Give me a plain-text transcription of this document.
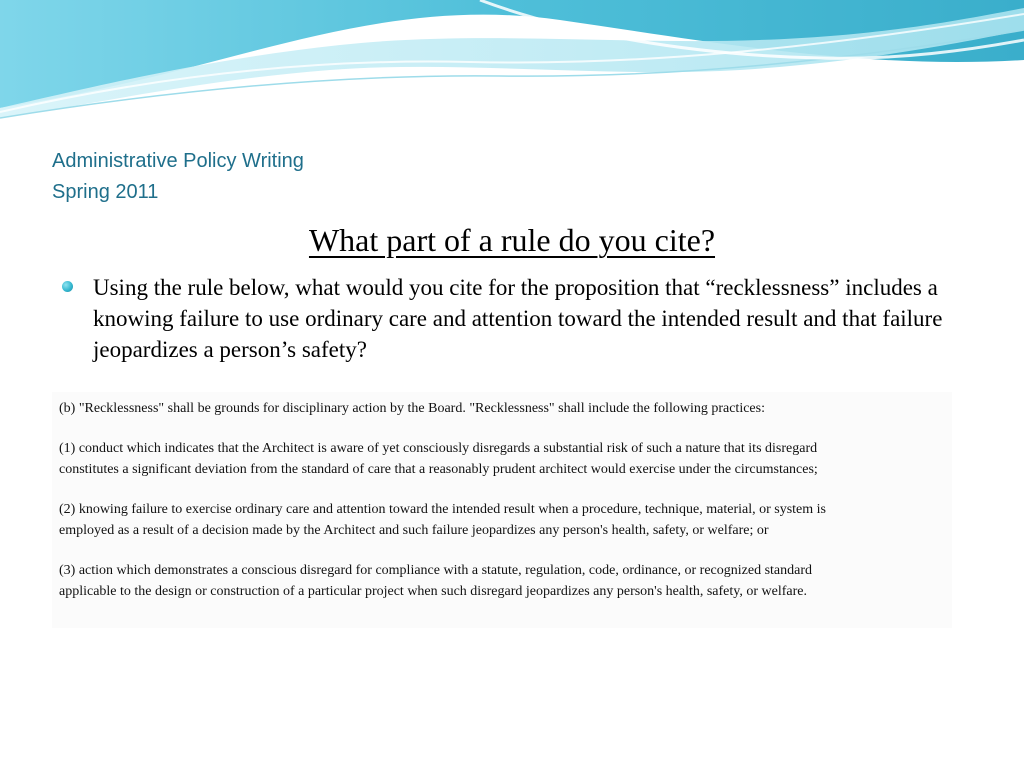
Administrative Policy Writing
Spring 2011
What part of a rule do you cite?
Using the rule below, what would you cite for the proposition that “recklessness” includes a knowing failure to use ordinary care and attention toward the intended result and that failure jeopardizes a person’s safety?
(b) "Recklessness" shall be grounds for disciplinary action by the Board. "Recklessness" shall include the following practices:
(1) conduct which indicates that the Architect is aware of yet consciously disregards a substantial risk of such a nature that its disregard
constitutes a significant deviation from the standard of care that a reasonably prudent architect would exercise under the circumstances;
(2) knowing failure to exercise ordinary care and attention toward the intended result when a procedure, technique, material, or system is
employed as a result of a decision made by the Architect and such failure jeopardizes any person's health, safety, or welfare; or
(3) action which demonstrates a conscious disregard for compliance with a statute, regulation, code, ordinance, or recognized standard
applicable to the design or construction of a particular project when such disregard jeopardizes any person's health, safety, or welfare.
